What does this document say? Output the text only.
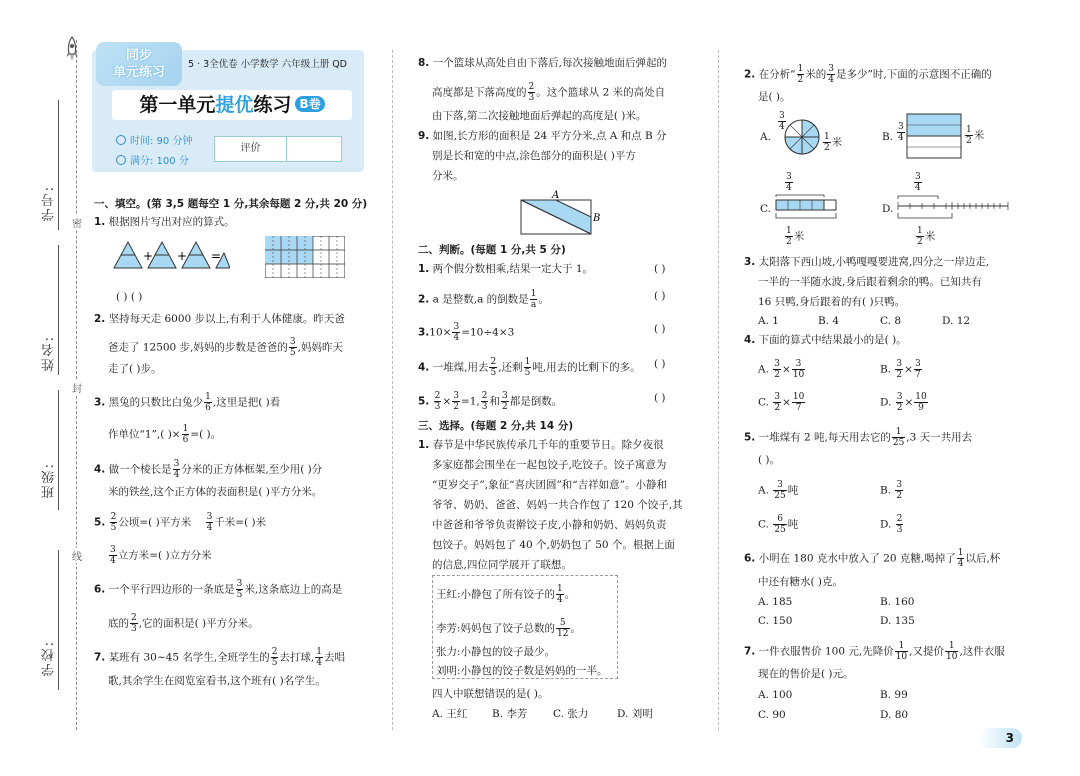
学号:
姓名:
班级:
学校:
密
封
线
同步
单元练习
5 · 3全优卷 小学数学 六年级上册 QD
第一单元提优练习 B卷
时间: 90 分钟
满分: 100 分
评价
一、填空。(第 3,5 题每空 1 分,其余每题 2 分,共 20 分)
1. 根据图片写出对应的算式。
+ + =
( ) ( )
2. 坚持每天走 6000 步以上,有利于人体健康。昨天爸
爸走了 12500 步,妈妈的步数是爸爸的 $\frac{3}{5}$ ,妈妈昨天
走了( )步。
3. 黑兔的只数比白兔少 $\frac{1}{6}$ ,这里是把( )看
作单位“1”,( )× $\frac{1}{6}$ =( )。
4. 做一个棱长是 $\frac{3}{4}$ 分米的正方体框架,至少用( )分
米的铁丝,这个正方体的表面积是( )平方分米。
5. $\frac{2}{5}$ 公顷=( )平方米 $\frac{3}{4}$ 千米=( )米
$\frac{3}{4}$ 立方米=( )立方分米
6. 一个平行四边形的一条底是 $\frac{3}{5}$ 米,这条底边上的高是
底的 $\frac{2}{3}$ ,它的面积是( )平方分米。
7. 某班有 30~45 名学生,全班学生的 $\frac{2}{5}$ 去打球, $\frac{1}{4}$ 去唱
歌,其余学生在阅览室看书,这个班有( )名学生。
8. 一个篮球从高处自由下落后,每次接触地面后弹起的
高度都是下落高度的 $\frac{2}{3}$ 。这个篮球从 2 米的高处自
由下落,第二次接触地面后弹起的高度是( )米。
9. 如图,长方形的面积是 24 平方分米,点 A 和点 B 分
别是长和宽的中点,涂色部分的面积是( )平方
分米。
A
B
二、判断。(每题 1 分,共 5 分)
1. 两个假分数相乘,结果一定大于 1。	( )
2. a 是整数,a 的倒数是 $\frac{1}{a}$ 。	( )
$3.10\times \frac{3}{4} =10\div 4\times 3$	( )
4. 一堆煤,用去 $\frac{2}{5}$ ,还剩 $\frac{1}{5}$ 吨,用去的比剩下的多。 ( )
5. $\frac{2}{3} \times \frac{3}{2} =1$, $\frac{2}{3}$ 和 $\frac{3}{2}$ 都是倒数。	( )
三、选择。(每题 2 分,共 14 分)
1. 春节是中华民族传承几千年的重要节日。除夕夜很
多家庭都会围坐在一起包饺子,吃饺子。饺子寓意为
“更岁交子”,象征“喜庆团圆”和“吉祥如意”。小静和
爷爷、奶奶、爸爸、妈妈一共合作包了 120 个饺子,其
中爸爸和爷爷负责擀饺子皮,小静和奶奶、妈妈负责
包饺子。妈妈包了 40 个,奶奶包了 50 个。根据上面
的信息,四位同学展开了联想。
王红:小静包了所有饺子的 $\frac{1}{4}$ 。
李芳:妈妈包了饺子总数的 $\frac{5}{12}$ 。
张力:小静包的饺子最少。
刘明:小静包的饺子数是妈妈的一半。
四人中联想错误的是( )。
A. 王红 B. 李芳 C. 张力	D. 刘明
2. 在分析“ $\frac{1}{2}$ 米的 $\frac{3}{4}$ 是多少”时,下面的示意图不正确的
是( )。
A.
$\frac{3}{4}$
$\frac{1}{2}$ 米	B. $\frac{3}{4}$	$\frac{1}{2}$ 米
C.
$\frac{3}{4}$
$\frac{1}{2}$ 米
D.
$\frac{3}{4}$
$\frac{1}{2}$ 米
3. 太阳落下西山坡,小鸭嘎嘎要进窝,四分之一岸边走,
一半的一半随水波,身后跟着剩余的鸭。已知共有
16 只鸭,身后跟着的有( )只鸭。
A. 1	B. 4	C. 8	D. 12
4. 下面的算式中结果最小的是( )。
A. $\frac{3}{2} \times \frac{3}{10}$	B. $\frac{3}{2} \times \frac{3}{7}$
C. $\frac{3}{2} \times \frac{10}{7}$	D. $\frac{3}{2} \times \frac{10}{9}$
5. 一堆煤有 2 吨,每天用去它的 $\frac{1}{25} ,3$ 天一共用去
( )。
A. $\frac{3}{25}$ 吨	B. $\frac{3}{2}$
C. $\frac{6}{25}$ 吨	D. $\frac{2}{3}$
6. 小明在 180 克水中放入了 20 克糖,喝掉了 $\frac{1}{4}$ 以后,杯
中还有糖水( )克。
A. 185	B. 160
C. 150	D. 135
7. 一件衣服售价 100 元,先降价 $\frac{1}{10}$ ,又提价 $\frac{1}{10}$ ,这件衣服
现在的售价是( )元。
A. 100	B. 99
C. 90	D. 80
3
